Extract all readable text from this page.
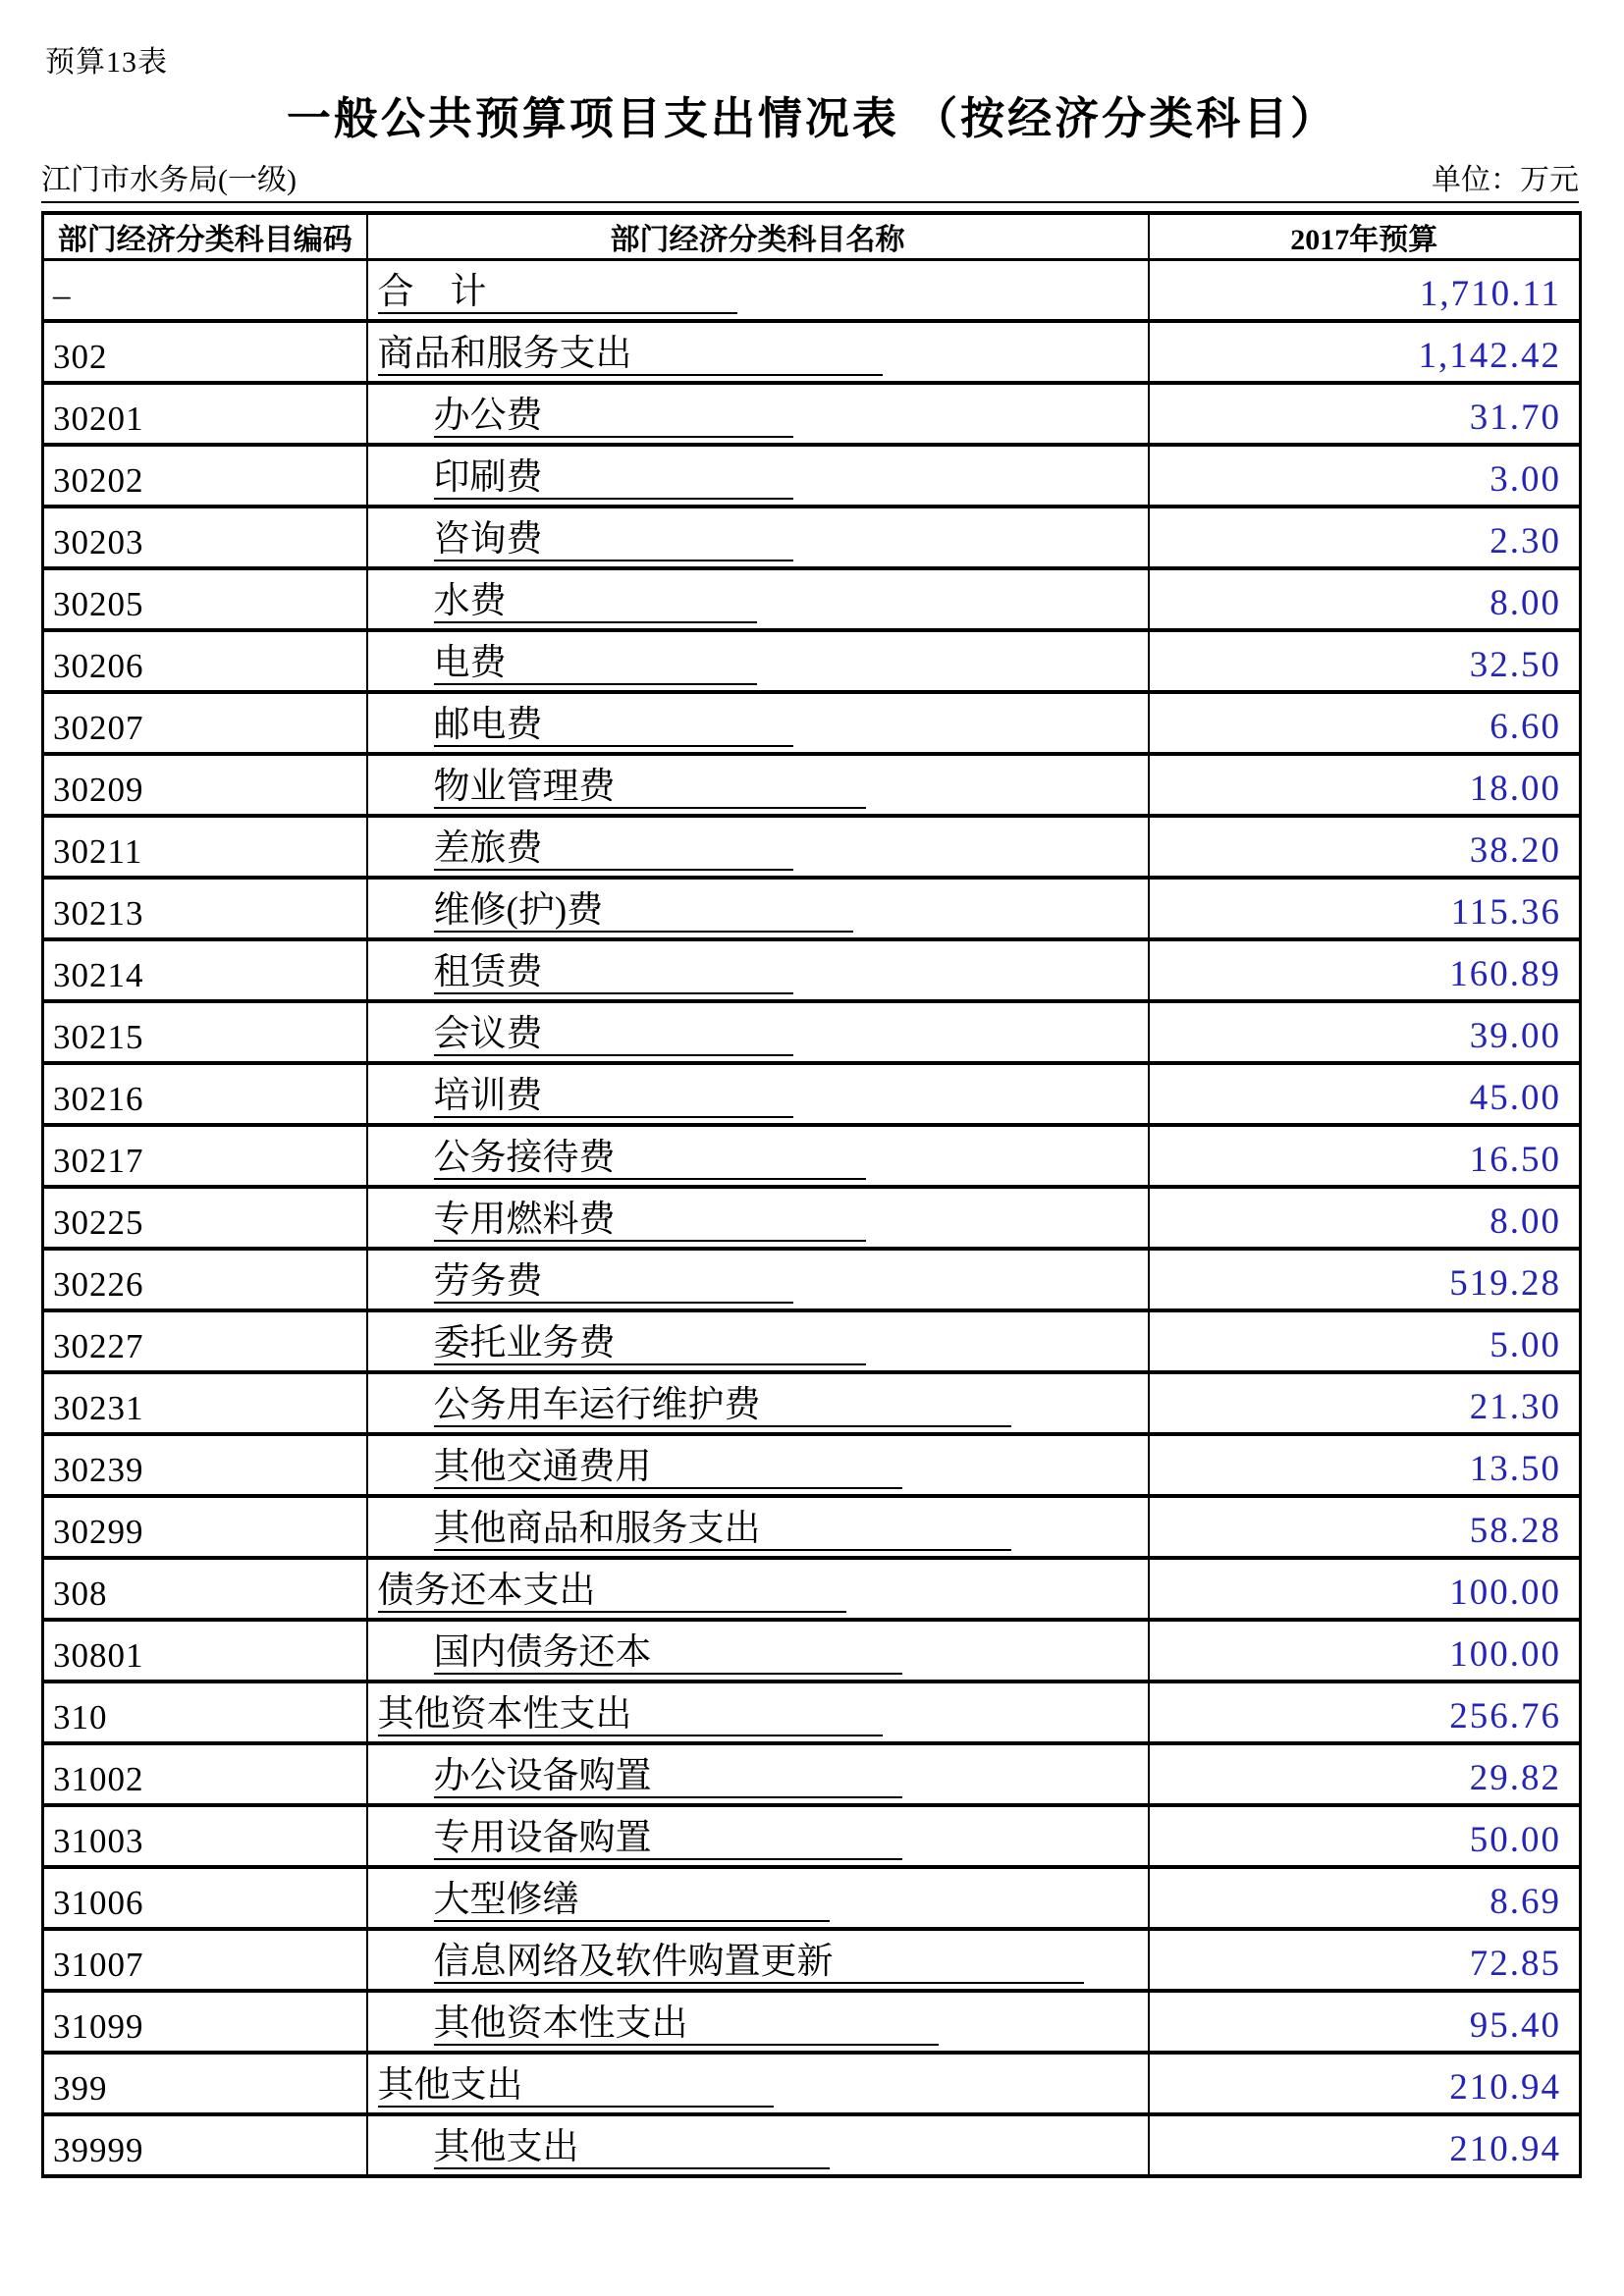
预算13表
一般公共预算项目支出情况表 （按经济分类科目）
江门市水务局(一级)	单位：万元
部门经济分类科目编码	部门经济分类科目名称	2017年预算
–	合　计	1,710.11
302	商品和服务支出	1,142.42
30201	办公费	31.70
30202	印刷费	3.00
30203	咨询费	2.30
30205	水费	8.00
30206	电费	32.50
30207	邮电费	6.60
30209	物业管理费	18.00
30211	差旅费	38.20
30213	维修(护)费	115.36
30214	租赁费	160.89
30215	会议费	39.00
30216	培训费	45.00
30217	公务接待费	16.50
30225	专用燃料费	8.00
30226	劳务费	519.28
30227	委托业务费	5.00
30231	公务用车运行维护费	21.30
30239	其他交通费用	13.50
30299	其他商品和服务支出	58.28
308	债务还本支出	100.00
30801	国内债务还本	100.00
310	其他资本性支出	256.76
31002	办公设备购置	29.82
31003	专用设备购置	50.00
31006	大型修缮	8.69
31007	信息网络及软件购置更新	72.85
31099	其他资本性支出	95.40
399	其他支出	210.94
39999	其他支出	210.94
